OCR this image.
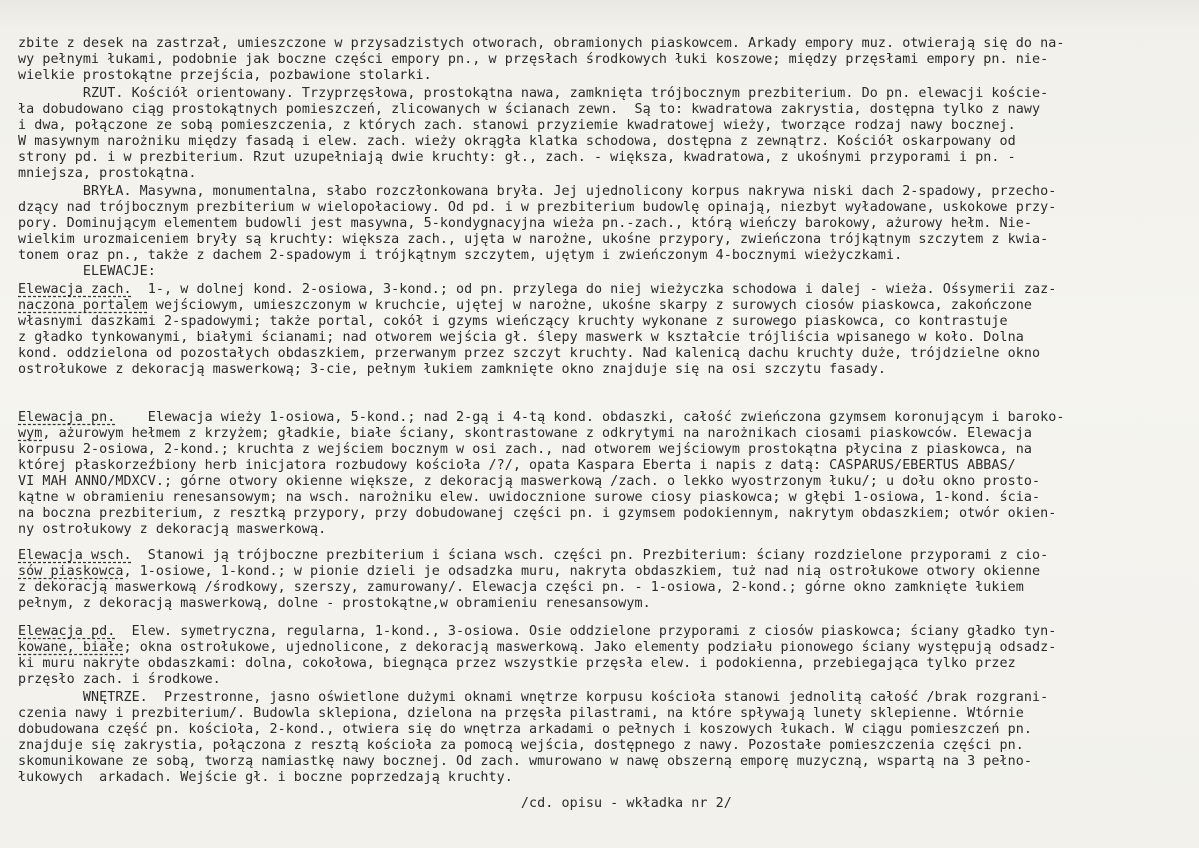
zbite z desek na zastrzał, umieszczone w przysadzistych otworach, obramionych piaskowcem. Arkady empory muz. otwierają się do na-
wy pełnymi łukami, podobnie jak boczne części empory pn., w przęsłach środkowych łuki koszowe; między przęsłami empory pn. nie-
wielkie prostokątne przejścia, pozbawione stolarki.
RZUT. Kościół orientowany. Trzyprzęsłowa, prostokątna nawa, zamknięta trójbocznym prezbiterium. Do pn. elewacji koście-
ła dobudowano ciąg prostokątnych pomieszczeń, zlicowanych w ścianach zewn.  Są to: kwadratowa zakrystia, dostępna tylko z nawy
i dwa, połączone ze sobą pomieszczenia, z których zach. stanowi przyziemie kwadratowej wieży, tworzące rodzaj nawy bocznej.
W masywnym narożniku między fasadą i elew. zach. wieży okrągła klatka schodowa, dostępna z zewnątrz. Kościół oskarpowany od
strony pd. i w prezbiterium. Rzut uzupełniają dwie kruchty: gł., zach. - większa, kwadratowa, z ukośnymi przyporami i pn. -
mniejsza, prostokątna.
BRYŁA. Masywna, monumentalna, słabo rozczłonkowana bryła. Jej ujednolicony korpus nakrywa niski dach 2-spadowy, przecho-
dzący nad trójbocznym prezbiterium w wielopołaciowy. Od pd. i w prezbiterium budowlę opinają, niezbyt wyładowane, uskokowe przy-
pory. Dominującym elementem budowli jest masywna, 5-kondygnacyjna wieża pn.-zach., którą wieńczy barokowy, ażurowy hełm. Nie-
wielkim urozmaiceniem bryły są kruchty: większa zach., ujęta w narożne, ukośne przypory, zwieńczona trójkątnym szczytem z kwia-
tonem oraz pn., także z dachem 2-spadowym i trójkątnym szczytem, ujętym i zwieńczonym 4-bocznymi wieżyczkami.
ELEWACJE:
Elewacja zach.  1-, w dolnej kond. 2-osiowa, 3-kond.; od pn. przylega do niej wieżyczka schodowa i dalej - wieża. Ośsymerii zaz-
naczona portalem wejściowym, umieszczonym w kruchcie, ujętej w narożne, ukośne skarpy z surowych ciosów piaskowca, zakończone
własnymi daszkami 2-spadowymi; także portal, cokół i gzyms wieńczący kruchty wykonane z surowego piaskowca, co kontrastuje
z gładko tynkowanymi, białymi ścianami; nad otworem wejścia gł. ślepy maswerk w kształcie trójliścia wpisanego w koło. Dolna
kond. oddzielona od pozostałych obdaszkiem, przerwanym przez szczyt kruchty. Nad kalenicą dachu kruchty duże, trójdzielne okno
ostrołukowe z dekoracją maswerkową; 3-cie, pełnym łukiem zamknięte okno znajduje się na osi szczytu fasady.
Elewacja pn.    Elewacja wieży 1-osiowa, 5-kond.; nad 2-gą i 4-tą kond. obdaszki, całość zwieńczona gzymsem koronującym i baroko-
wym, ażurowym hełmem z krzyżem; gładkie, białe ściany, skontrastowane z odkrytymi na narożnikach ciosami piaskowców. Elewacja
korpusu 2-osiowa, 2-kond.; kruchta z wejściem bocznym w osi zach., nad otworem wejściowym prostokątna płycina z piaskowca, na
której płaskorzeźbiony herb inicjatora rozbudowy kościoła /?/, opata Kaspara Eberta i napis z datą: CASPARUS/EBERTUS ABBAS/
VI MAH ANNO/MDXCV.; górne otwory okienne większe, z dekoracją maswerkową /zach. o lekko wyostrzonym łuku/; u dołu okno prosto-
kątne w obramieniu renesansowym; na wsch. narożniku elew. uwidocznione surowe ciosy piaskowca; w głębi 1-osiowa, 1-kond. ścia-
na boczna prezbiterium, z resztką przypory, przy dobudowanej części pn. i gzymsem podokiennym, nakrytym obdaszkiem; otwór okien-
ny ostrołukowy z dekoracją maswerkową.
Elewacja wsch.  Stanowi ją trójboczne prezbiterium i ściana wsch. części pn. Prezbiterium: ściany rozdzielone przyporami z cio-
sów piaskowca, 1-osiowe, 1-kond.; w pionie dzieli je odsadzka muru, nakryta obdaszkiem, tuż nad nią ostrołukowe otwory okienne
z dekoracją maswerkową /środkowy, szerszy, zamurowany/. Elewacja części pn. - 1-osiowa, 2-kond.; górne okno zamknięte łukiem
pełnym, z dekoracją maswerkową, dolne - prostokątne,w obramieniu renesansowym.
Elewacja pd.  Elew. symetryczna, regularna, 1-kond., 3-osiowa. Osie oddzielone przyporami z ciosów piaskowca; ściany gładko tyn-
kowane, białe; okna ostrołukowe, ujednolicone, z dekoracją maswerkową. Jako elementy podziału pionowego ściany występują odsadz-
ki muru nakryte obdaszkami: dolna, cokołowa, biegnąca przez wszystkie przęsła elew. i podokienna, przebiegająca tylko przez
przęsło zach. i środkowe.
WNĘTRZE.  Przestronne, jasno oświetlone dużymi oknami wnętrze korpusu kościoła stanowi jednolitą całość /brak rozgrani-
czenia nawy i prezbiterium/. Budowla sklepiona, dzielona na przęsła pilastrami, na które spływają lunety sklepienne. Wtórnie
dobudowana część pn. kościoła, 2-kond., otwiera się do wnętrza arkadami o pełnych i koszowych łukach. W ciągu pomieszczeń pn.
znajduje się zakrystia, połączona z resztą kościoła za pomocą wejścia, dostępnego z nawy. Pozostałe pomieszczenia części pn.
skomunikowane ze sobą, tworzą namiastkę nawy bocznej. Od zach. wmurowano w nawę obszerną emporę muzyczną, wspartą na 3 pełno-
łukowych  arkadach. Wejście gł. i boczne poprzedzają kruchty.
/cd. opisu - wkładka nr 2/
